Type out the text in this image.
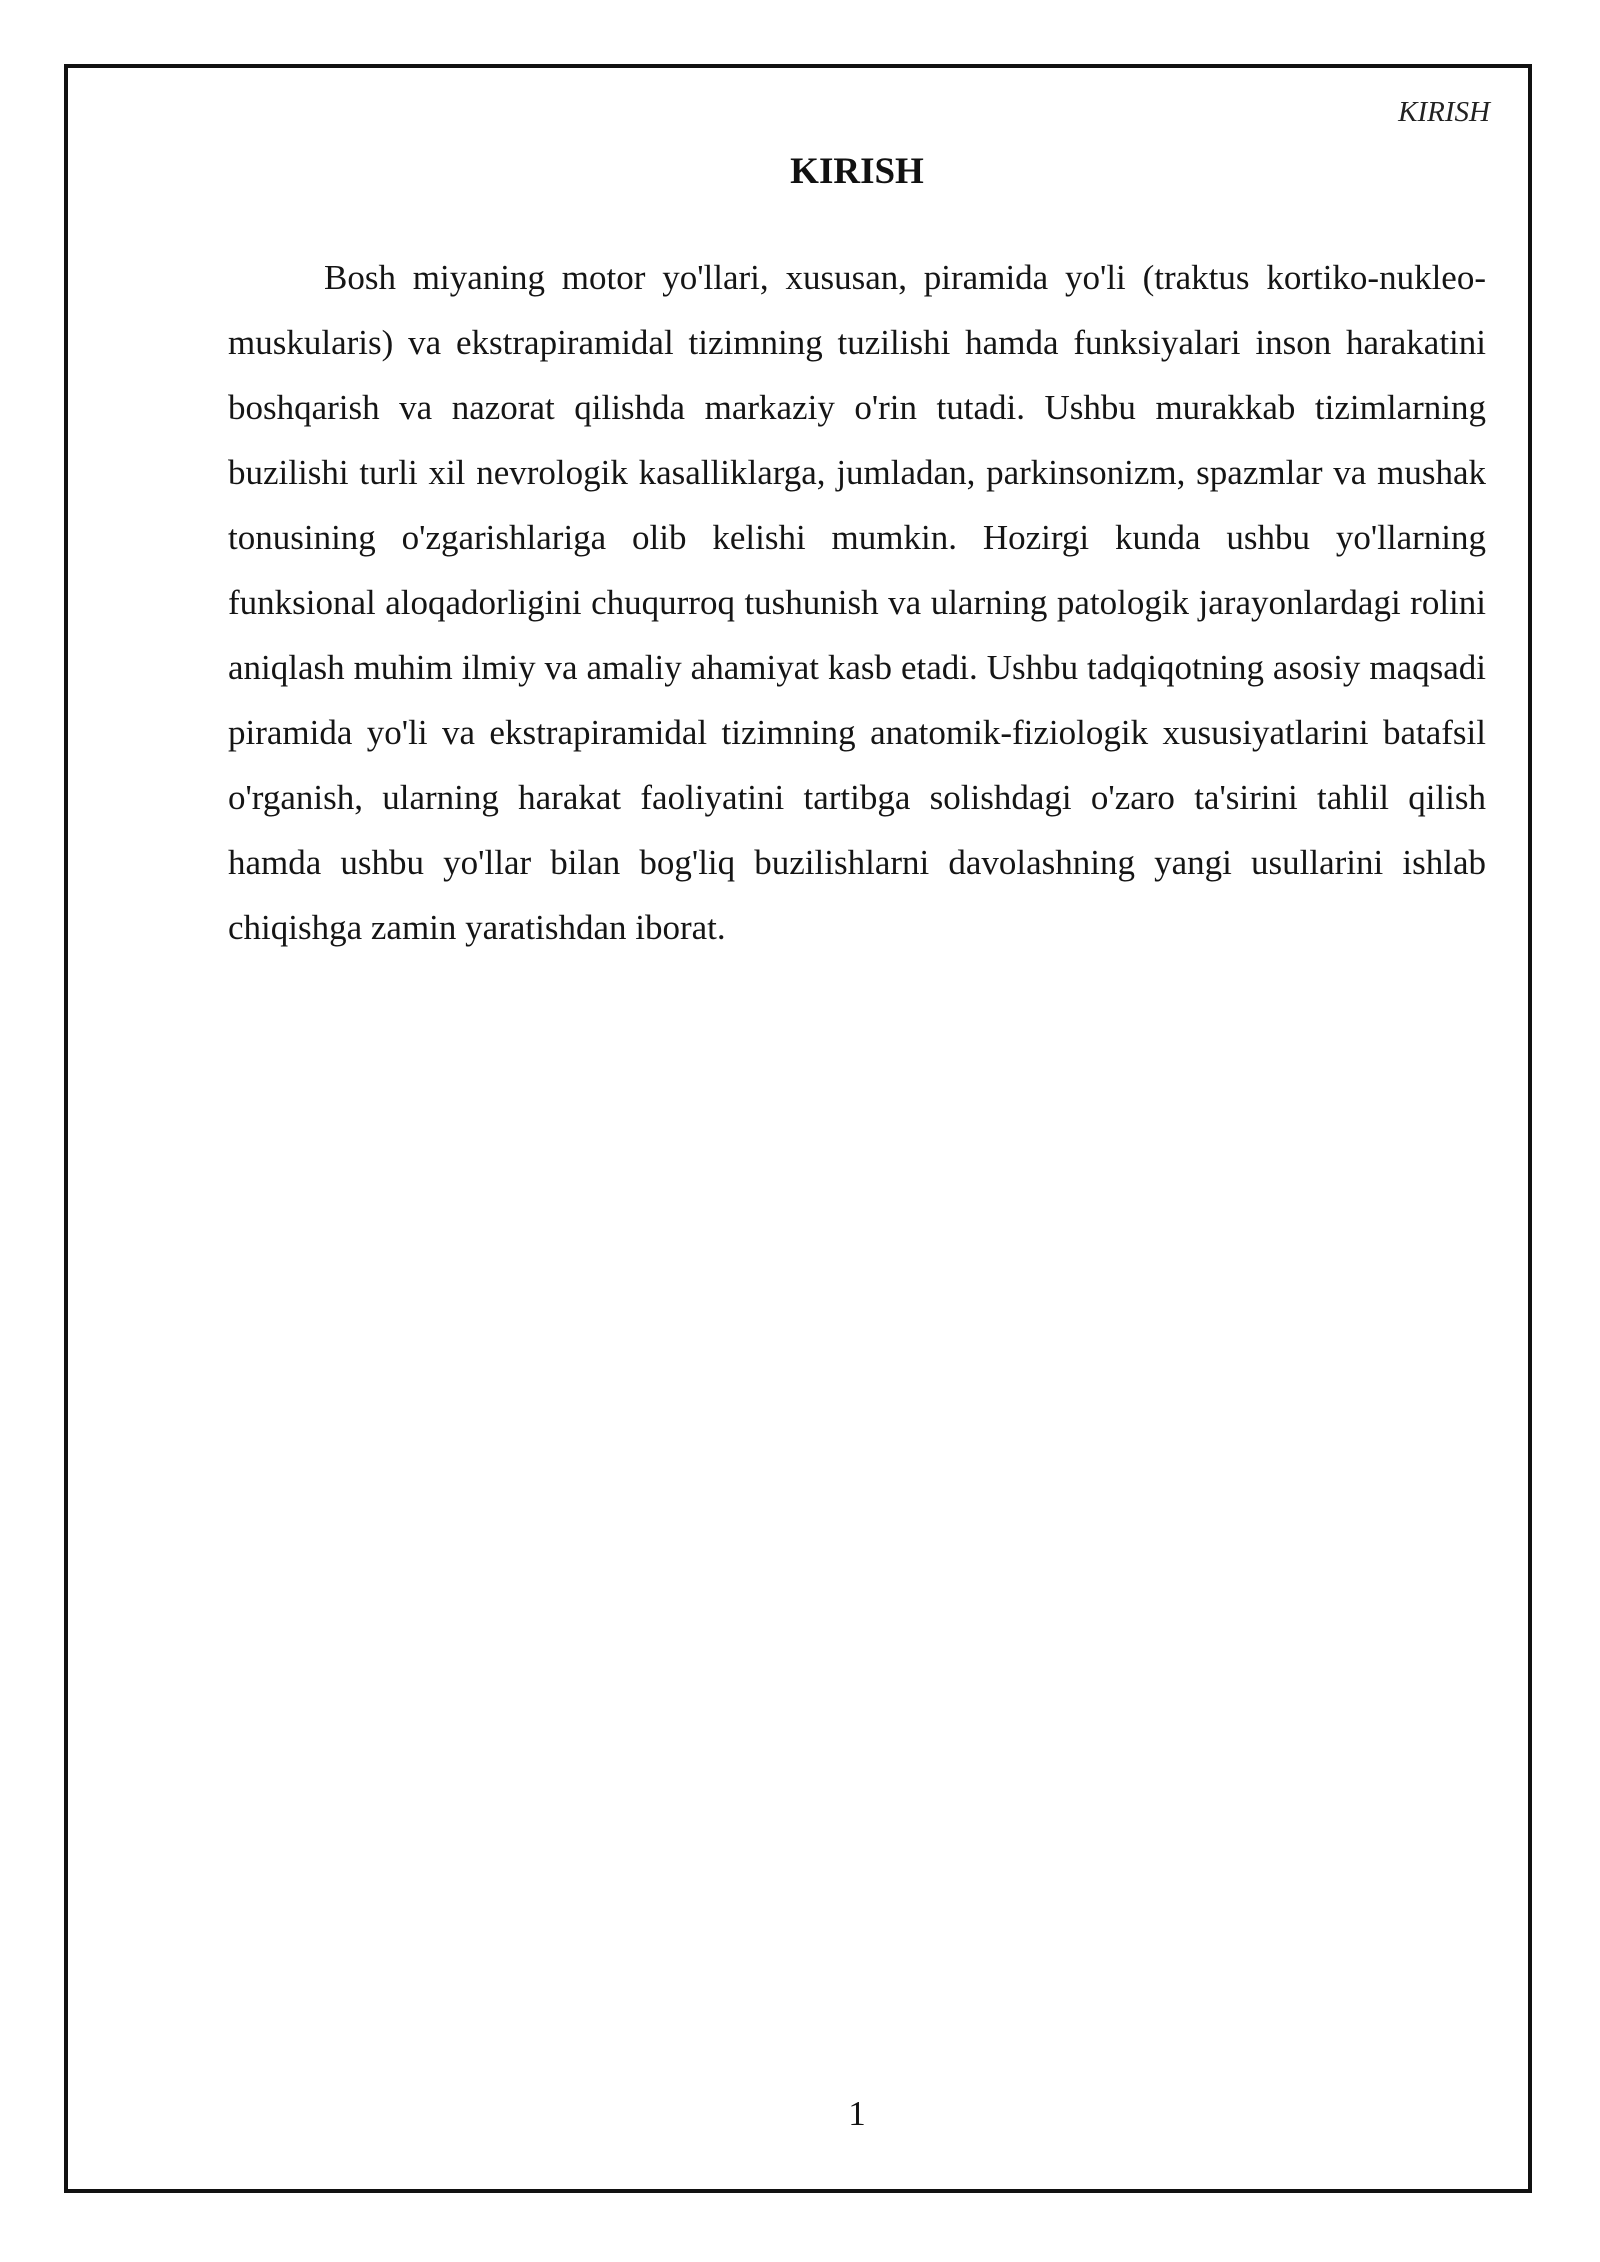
KIRISH
KIRISH

Bosh miyaning motor yo'llari, xususan, piramida yo'li (traktus kortiko-nukleo-muskularis) va ekstrapiramidal tizimning tuzilishi hamda funksiyalari inson harakatini boshqarish va nazorat qilishda markaziy o'rin tutadi. Ushbu murakkab tizimlarning buzilishi turli xil nevrologik kasalliklarga, jumladan, parkinsonizm, spazmlar va mushak tonusining o'zgarishlariga olib kelishi mumkin. Hozirgi kunda ushbu yo'llarning funksional aloqadorligini chuqurroq tushunish va ularning patologik jarayonlardagi rolini aniqlash muhim ilmiy va amaliy ahamiyat kasb etadi. Ushbu tadqiqotning asosiy maqsadi piramida yo'li va ekstrapiramidal tizimning anatomik-fiziologik xususiyatlarini batafsil o'rganish, ularning harakat faoliyatini tartibga solishdagi o'zaro ta'sirini tahlil qilish hamda ushbu yo'llar bilan bog'liq buzilishlarni davolashning yangi usullarini ishlab chiqishga zamin yaratishdan iborat.

1
